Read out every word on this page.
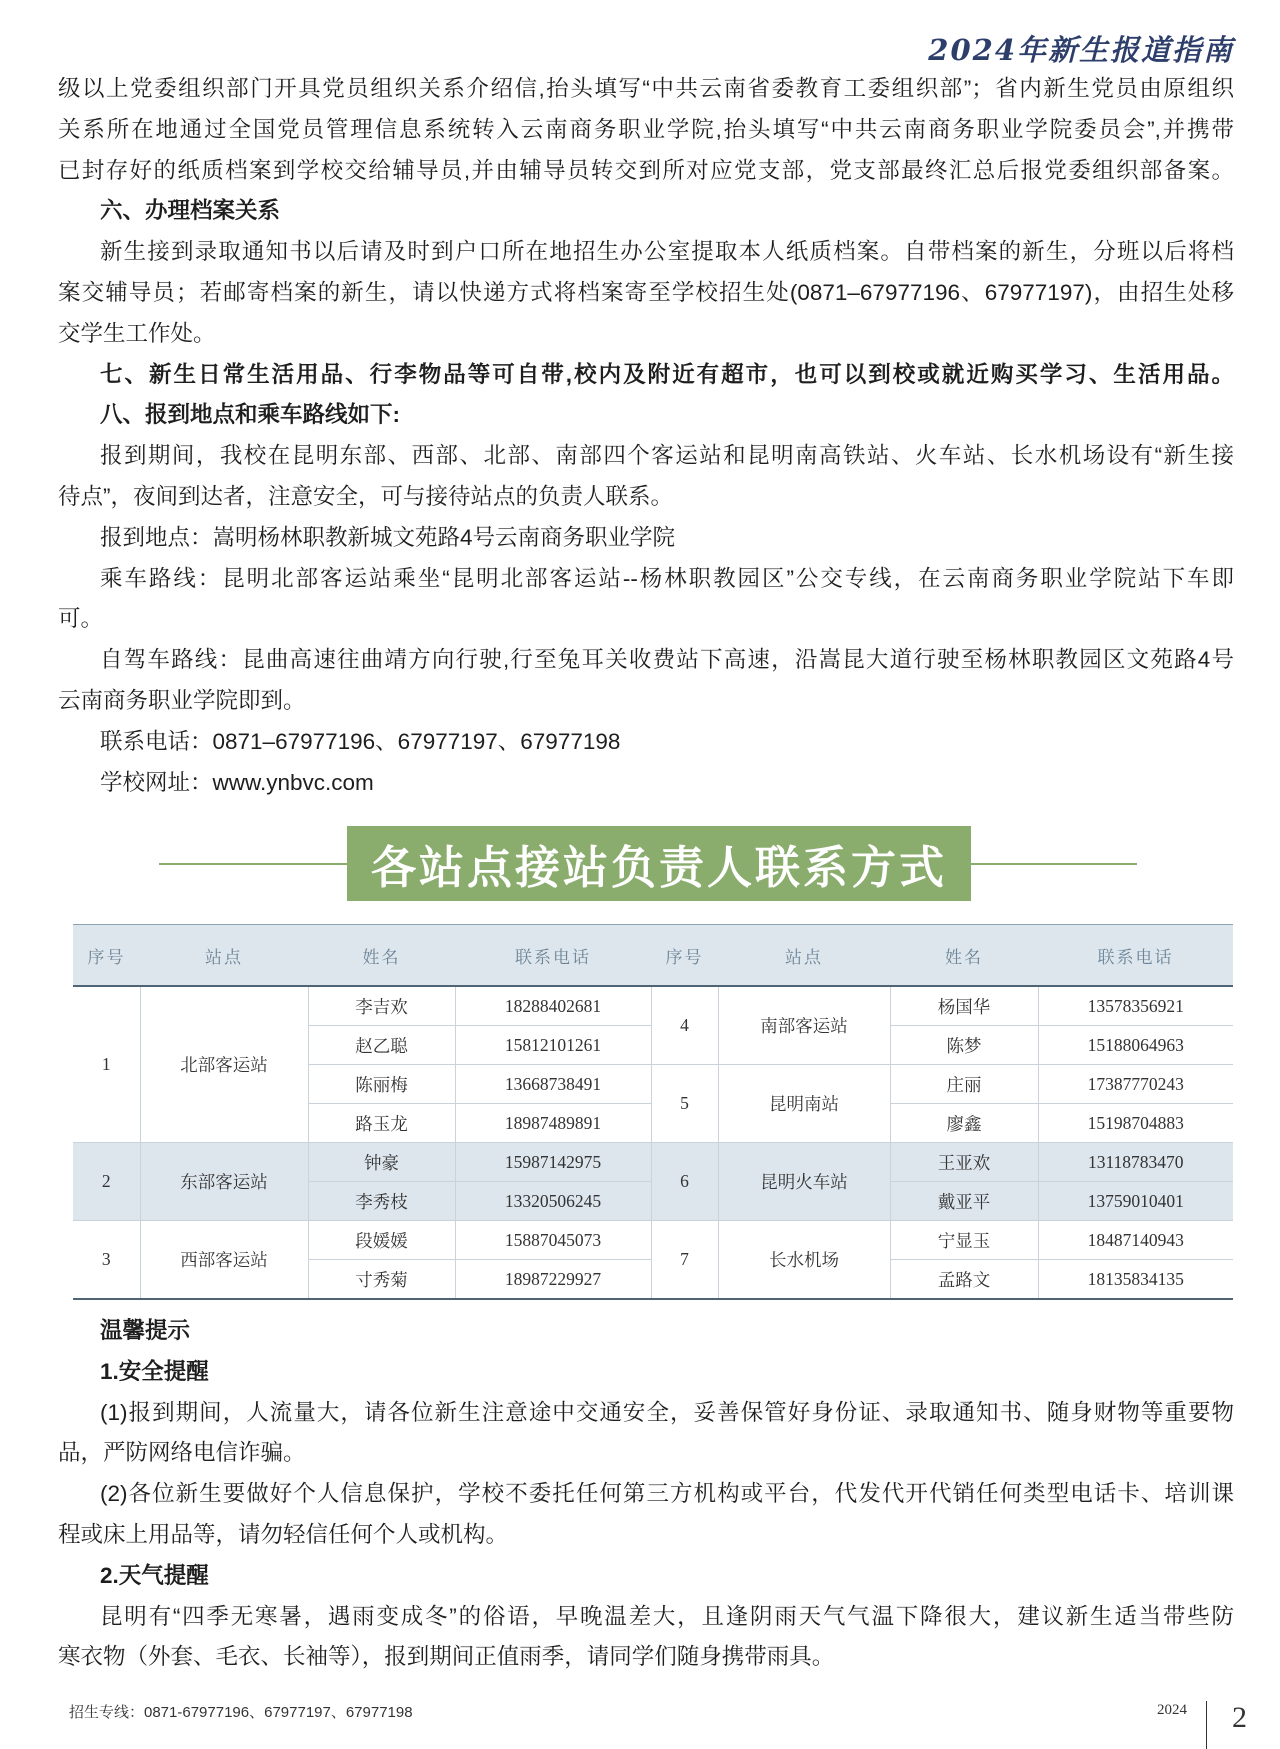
2024年新生报道指南
级以上党委组织部门开具党员组织关系介绍信,抬头填写“中共云南省委教育工委组织部”；省内新生党员由原组织
关系所在地通过全国党员管理信息系统转入云南商务职业学院,抬头填写“中共云南商务职业学院委员会”,并携带
已封存好的纸质档案到学校交给辅导员,并由辅导员转交到所对应党支部，党支部最终汇总后报党委组织部备案。
六、办理档案关系
新生接到录取通知书以后请及时到户口所在地招生办公室提取本人纸质档案。自带档案的新生，分班以后将档
案交辅导员；若邮寄档案的新生，请以快递方式将档案寄至学校招生处(0871–67977196、67977197)，由招生处移
交学生工作处。
七、新生日常生活用品、行李物品等可自带,校内及附近有超市，也可以到校或就近购买学习、生活用品。
八、报到地点和乘车路线如下:
报到期间，我校在昆明东部、西部、北部、南部四个客运站和昆明南高铁站、火车站、长水机场设有“新生接
待点”，夜间到达者，注意安全，可与接待站点的负责人联系。
报到地点：嵩明杨林职教新城文苑路4号云南商务职业学院
乘车路线：昆明北部客运站乘坐“昆明北部客运站--杨林职教园区”公交专线，在云南商务职业学院站下车即
可。
自驾车路线：昆曲高速往曲靖方向行驶,行至兔耳关收费站下高速，沿嵩昆大道行驶至杨林职教园区文苑路4号
云南商务职业学院即到。
联系电话：0871–67977196、67977197、67977198
学校网址：www.ynbvc.com
各站点接站负责人联系方式
序号	站点	姓名	联系电话	序号	站点	姓名	联系电话
1	北部客运站	李吉欢	18288402681	4	南部客运站	杨国华	13578356921
		赵乙聪	15812101261			陈梦	15188064963
		陈丽梅	13668738491	5	昆明南站	庄丽	17387770243
		路玉龙	18987489891			廖鑫	15198704883
2	东部客运站	钟豪	15987142975	6	昆明火车站	王亚欢	13118783470
		李秀枝	13320506245			戴亚平	13759010401
3	西部客运站	段媛媛	15887045073	7	长水机场	宁显玉	18487140943
		寸秀菊	18987229927			孟路文	18135834135
温馨提示
1.安全提醒
(1)报到期间，人流量大，请各位新生注意途中交通安全，妥善保管好身份证、录取通知书、随身财物等重要物
品，严防网络电信诈骗。
(2)各位新生要做好个人信息保护，学校不委托任何第三方机构或平台，代发代开代销任何类型电话卡、培训课
程或床上用品等，请勿轻信任何个人或机构。
2.天气提醒
昆明有“四季无寒暑，遇雨变成冬”的俗语，早晚温差大，且逢阴雨天气气温下降很大，建议新生适当带些防
寒衣物（外套、毛衣、长袖等），报到期间正值雨季，请同学们随身携带雨具。
招生专线：0871-67977196、67977197、67977198	2024 2
